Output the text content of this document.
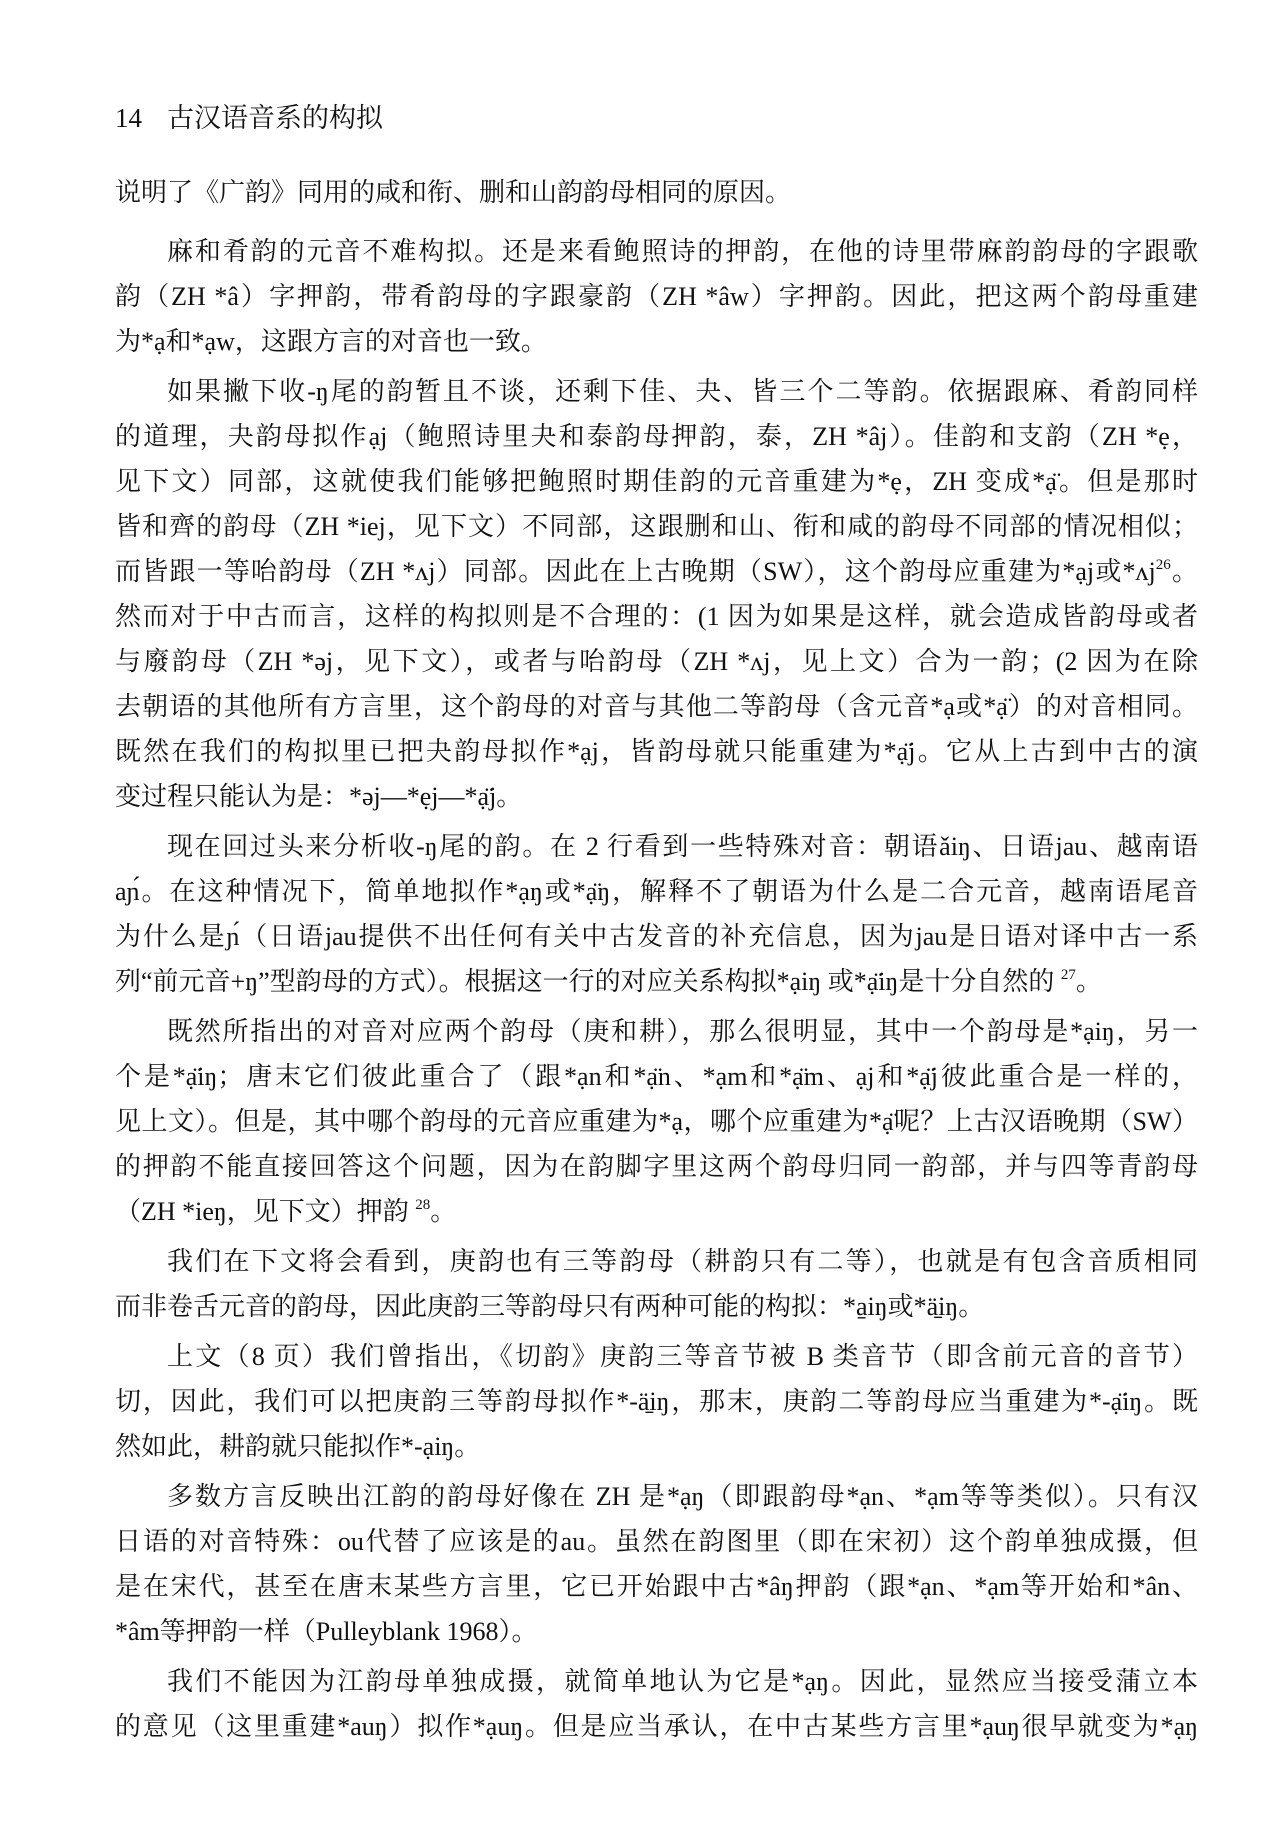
14 古汉语音系的构拟
说明了《广韵》同用的咸和衔、删和山韵韵母相同的原因。
麻和肴韵的元音不难构拟。还是来看鲍照诗的押韵，在他的诗里带麻韵韵母的字跟歌
韵（ZH *â）字押韵，带肴韵母的字跟豪韵（ZH *âw）字押韵。因此，把这两个韵母重建
为*ạ和*ạw，这跟方言的对音也一致。
如果撇下收-ŋ尾的韵暂且不谈，还剩下佳、夬、皆三个二等韵。依据跟麻、肴韵同样
的道理，夬韵母拟作ạj（鲍照诗里夬和泰韵母押韵，泰，ZH *âj）。佳韵和支韵（ZH *ẹ，
见下文）同部，这就使我们能够把鲍照时期佳韵的元音重建为*ẹ，ZH 变成*ạ̈。但是那时
皆和齊的韵母（ZH *iej，见下文）不同部，这跟删和山、衔和咸的韵母不同部的情况相似；
而皆跟一等咍韵母（ZH *ʌj）同部。因此在上古晚期（SW），这个韵母应重建为*ạj或*ʌj$^{26}$。
然而对于中古而言，这样的构拟则是不合理的：(1 因为如果是这样，就会造成皆韵母或者
与廢韵母（ZH *əj，见下文），或者与咍韵母（ZH *ʌj，见上文）合为一韵；(2 因为在除
去朝语的其他所有方言里，这个韵母的对音与其他二等韵母（含元音*ạ或*ạ̈）的对音相同。
既然在我们的构拟里已把夬韵母拟作*ạj，皆韵母就只能重建为*ạ̈j。它从上古到中古的演
变过程只能认为是：*əj—*ẹj—*ạ̈j。
现在回过头来分析收-ŋ尾的韵。在 2 行看到一些特殊对音：朝语ǎiŋ、日语jau、越南语
aɲ́。在这种情况下，简单地拟作*ạŋ或*ạ̈ŋ，解释不了朝语为什么是二合元音，越南语尾音
为什么是ɲ́（日语jau提供不出任何有关中古发音的补充信息，因为jau是日语对译中古一系
列“前元音+ŋ”型韵母的方式）。根据这一行的对应关系构拟*ạiŋ 或*ạ̈iŋ是十分自然的 $^{27}$。
既然所指出的对音对应两个韵母（庚和耕），那么很明显，其中一个韵母是*ạiŋ，另一
个是*ạ̈iŋ；唐末它们彼此重合了（跟*ạn和*ạ̈n、*ạm和*ạ̈m、ạj和*ạ̈j彼此重合是一样的，
见上文）。但是，其中哪个韵母的元音应重建为*ạ，哪个应重建为*ạ̈呢？上古汉语晚期（SW）
的押韵不能直接回答这个问题，因为在韵脚字里这两个韵母归同一韵部，并与四等青韵母
（ZH *ieŋ，见下文）押韵 $^{28}$。
我们在下文将会看到，庚韵也有三等韵母（耕韵只有二等），也就是有包含音质相同
而非卷舌元音的韵母，因此庚韵三等韵母只有两种可能的构拟：*a̱iŋ或*ä̱iŋ。
上文（8 页）我们曾指出，《切韵》庚韵三等音节被 B 类音节（即含前元音的音节）
切，因此，我们可以把庚韵三等韵母拟作*-ä̱iŋ，那末，庚韵二等韵母应当重建为*-ạ̈iŋ。既
然如此，耕韵就只能拟作*-ạiŋ。
多数方言反映出江韵的韵母好像在 ZH 是*ạŋ（即跟韵母*ạn、*ạm等等类似）。只有汉
日语的对音特殊：ou代替了应该是的au。虽然在韵图里（即在宋初）这个韵单独成摄，但
是在宋代，甚至在唐末某些方言里，它已开始跟中古*âŋ押韵（跟*ạn、*ạm等开始和*ân、
*âm等押韵一样（Pulleyblank 1968）。
我们不能因为江韵母单独成摄，就简单地认为它是*ạŋ。因此，显然应当接受蒲立本
的意见（这里重建*auŋ）拟作*ạuŋ。但是应当承认，在中古某些方言里*ạuŋ很早就变为*ạŋ
